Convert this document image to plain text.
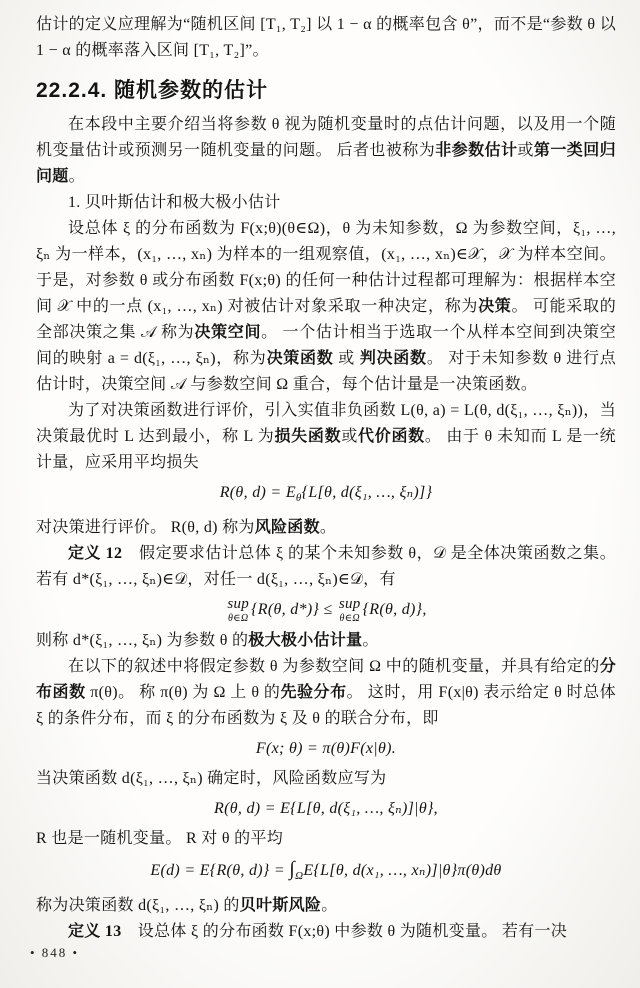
估计的定义应理解为“随机区间 [T₁, T₂] 以 1 − α 的概率包含 θ”，而不是“参数 θ 以 1 − α 的概率落入区间 [T₁, T₂]”。

22.2.4. 随机参数的估计

在本段中主要介绍当将参数 θ 视为随机变量时的点估计问题，以及用一个随机变量估计或预测另一随机变量的问题。 后者也被称为非参数估计或第一类回归问题。

1. 贝叶斯估计和极大极小估计

设总体 ξ 的分布函数为 F(x;θ)(θ∈Ω)，θ 为未知参数，Ω 为参数空间，ξ₁, …, ξₙ 为一样本，(x₁, …, xₙ) 为样本的一组观察值，(x₁, …, xₙ)∈𝒳，𝒳 为样本空间。 于是，对参数 θ 或分布函数 F(x;θ) 的任何一种估计过程都可理解为：根据样本空间 𝒳 中的一点 (x₁, …, xₙ) 对被估计对象采取一种决定，称为决策。 可能采取的全部决策之集 𝒜 称为决策空间。 一个估计相当于选取一个从样本空间到决策空间的映射 a = d(ξ₁, …, ξₙ)，称为决策函数 或 判决函数。 对于未知参数 θ 进行点估计时，决策空间 𝒜 与参数空间 Ω 重合，每个估计量是一决策函数。

为了对决策函数进行评价，引入实值非负函数 L(θ, a) = L(θ, d(ξ₁, …, ξₙ))，当决策最优时 L 达到最小，称 L 为损失函数或代价函数。 由于 θ 未知而 L 是一统计量，应采用平均损失

R(θ, $d) = E_\theta\{L[\theta$, d(ξ₁, …, ξₙ)]}

对决策进行评价。 R(θ, d) 称为风险函数。

定义 12　假定要求估计总体 ξ 的某个未知参数 θ，𝒟 是全体决策函数之集。 若有 d*(ξ₁, …, ξₙ)∈𝒟，对任一 d(ξ₁, …, ξₙ)∈𝒟，有

sup
θ∈Ω
{R(θ, d*)} ≤ sup
θ∈Ω
{R(θ, d)},

则称 d*(ξ₁, …, ξₙ) 为参数 θ 的极大极小估计量。

在以下的叙述中将假定参数 θ 为参数空间 Ω 中的随机变量，并具有给定的分布函数 π(θ)。 称 π(θ) 为 Ω 上 θ 的先验分布。 这时，用 F(x|θ) 表示给定 θ 时总体 ξ 的条件分布，而 ξ 的分布函数为 ξ 及 θ 的联合分布，即

F(x; θ) = π(θ)F(x|θ).

当决策函数 d(ξ₁, …, ξₙ) 确定时，风险函数应写为

R(θ, d) = E{L[θ, d(ξ₁, …, ξₙ)]|θ},

R 也是一随机变量。 R 对 θ 的平均

E(d) = E{R(θ, $d)\} = \int_\Omega E\{L[\theta$, d(x₁, …, xₙ)]|θ}π(θ)dθ

称为决策函数 d(ξ₁, …, ξₙ) 的贝叶斯风险。

定义 13　设总体 ξ 的分布函数 F(x;θ) 中参数 θ 为随机变量。 若有一决

• 848 •
